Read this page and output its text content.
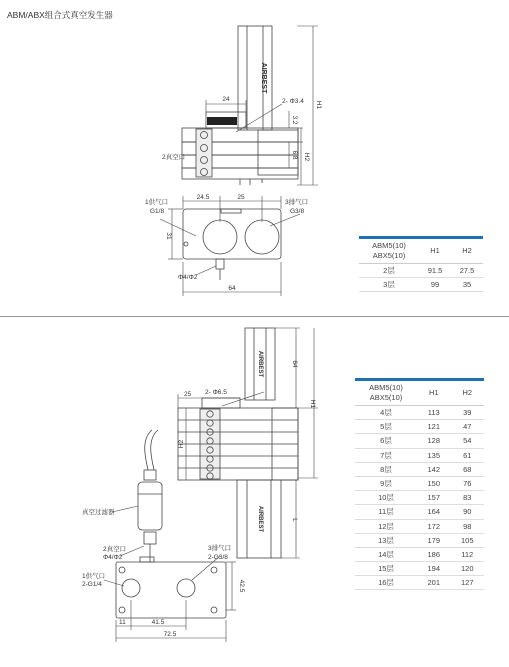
ABM/ABX组合式真空发生器
AIRBEST
AIRBEST
AIRBEST
24	2- Φ3.4
3.2
6.8
H1
H2
2真空口
1供气口
G1/8
3排气口
G3/8
24.5	25
31
Φ4/Φ2
64
25 2- Φ6.5
64
H1
H2
L
真空过滤器
2真空口
Φ4/Φ2
3排气口
2-G3/8
1供气口
2-G1/4	42.5
11	41.5
72.5

ABM5(10)
ABX5(10)	H1	H2
2层	91.5	27.5
3层	99	35

ABM5(10)
ABX5(10)	H1	H2
4层	113	39
5层	121	47
6层	128	54
7层	135	61
8层	142	68
9层	150	76
10层	157	83
11层	164	90
12层	172	98
13层	179	105
14层	186	112
15层	194	120
16层	201	127
